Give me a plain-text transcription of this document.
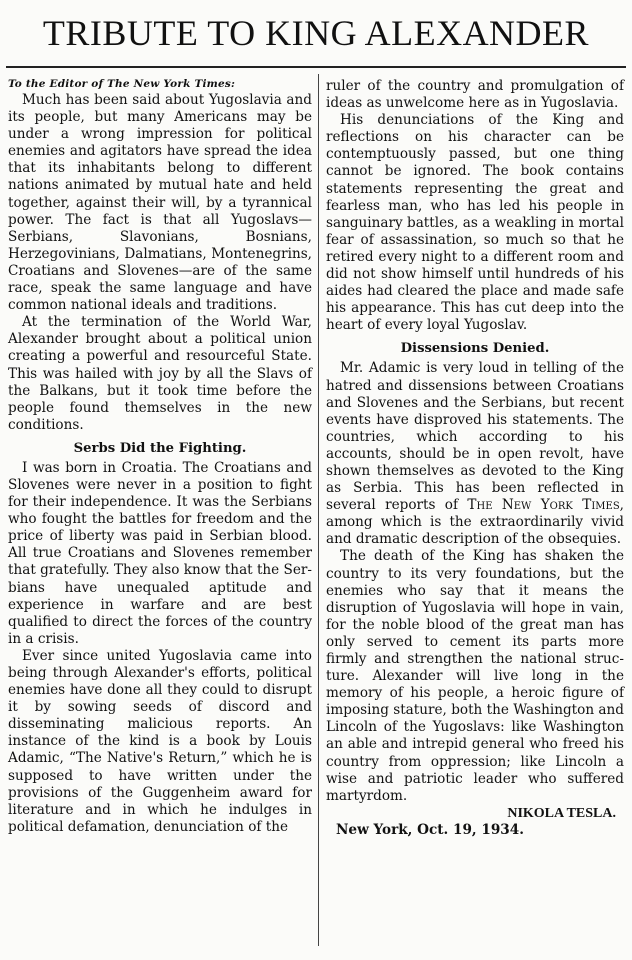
TRIBUTE TO KING ALEXANDER
To the Editor of The New York Times:

Much has been said about Yugoslavia and its people, but many Americans may be under a wrong impression for political enemies and agitators have spread the idea that its inhabitants belong to different nations animated by mutual hate and held together, against their will, by a tyrannical power. The fact is that all Yugoslavs—Serbians, Slavonians, Bosnians, Herzegovinians, Dalmatians, Montenegrins, Croatians and Slovenes—are of the same race, speak the same language and have common national ideals and traditions.

At the termination of the World War, Alexander brought about a political union creating a powerful and resourceful State. This was hailed with joy by all the Slavs of the Balkans, but it took time before the people found themselves in the new conditions.

Serbs Did the Fighting.

I was born in Croatia. The Croatians and Slovenes were never in a position to fight for their independence. It was the Serbians who fought the battles for freedom and the price of liberty was paid in Serbian blood. All true Croatians and Slovenes remember that gratefully. They also know that the Serbians have unequaled aptitude and experience in warfare and are best qualified to direct the forces of the country in a crisis.

Ever since united Yugoslavia came into being through Alexander's efforts, political enemies have done all they could to disrupt it by sowing seeds of discord and disseminating malicious reports. An instance of the kind is a book by Louis Adamic, “The Native's Return,” which he is supposed to have written under the provisions of the Guggenheim award for literature and in which he indulges in political defamation, denunciation of the

ruler of the country and promulgation of ideas as unwelcome here as in Yugoslavia.

His denunciations of the King and reflections on his character can be contemptuously passed, but one thing cannot be ignored. The book contains statements representing the great and fearless man, who has led his people in sanguinary battles, as a weakling in mortal fear of assassination, so much so that he retired every night to a different room and did not show himself until hundreds of his aides had cleared the place and made safe his appearance. This has cut deep into the heart of every loyal Yugoslav.

Dissensions Denied.

Mr. Adamic is very loud in telling of the hatred and dissensions between Croatians and Slovenes and the Serbians, but recent events have disproved his statements. The countries, which according to his accounts, should be in open revolt, have shown themselves as devoted to the King as Serbia. This has been reflected in several reports of The New York Times, among which is the extraordinarily vivid and dramatic description of the obsequies.

The death of the King has shaken the country to its very foundations, but the enemies who say that it means the disruption of Yugoslavia will hope in vain, for the noble blood of the great man has only served to cement its parts more firmly and strengthen the national structure. Alexander will live long in the memory of his people, a heroic figure of imposing stature, both the Washington and Lincoln of the Yugoslavs: like Washington an able and intrepid general who freed his country from oppression; like Lincoln a wise and patriotic leader who suffered martyrdom.

NIKOLA TESLA.
New York, Oct. 19, 1934.
